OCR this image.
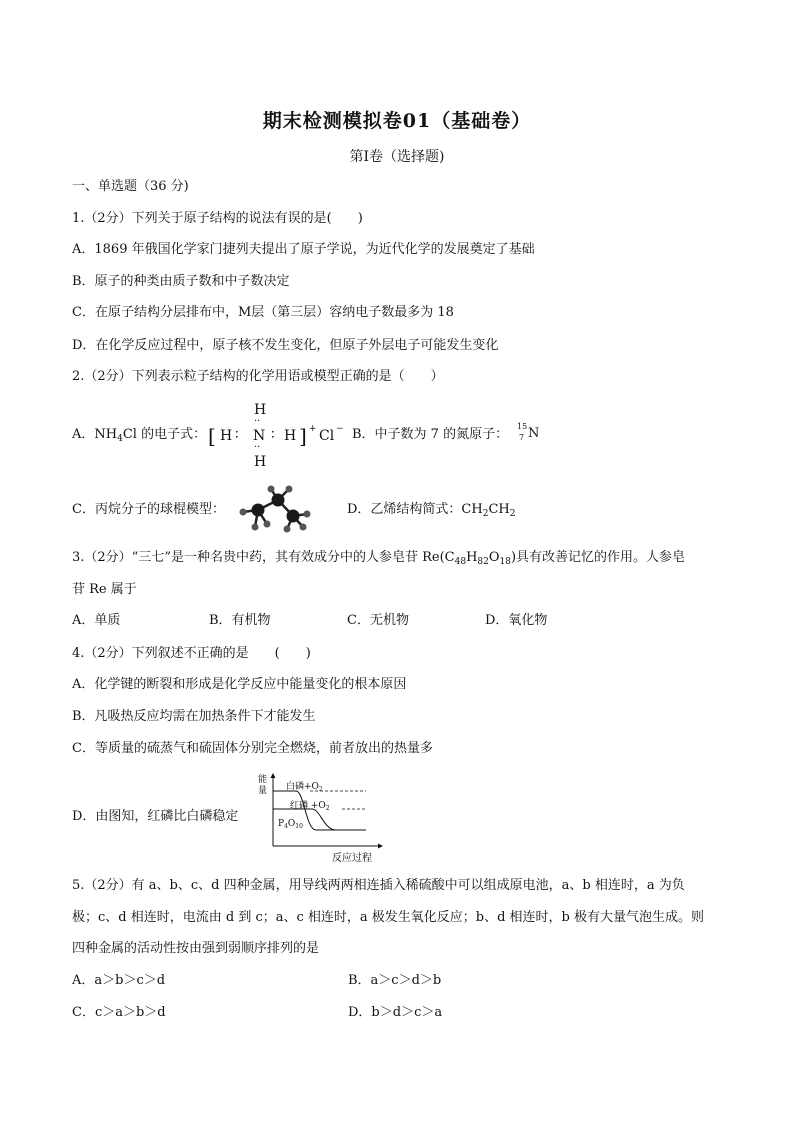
期末检测模拟卷01（基础卷）
第I卷（选择题)
一、单选题（36 分)
1.（2分）下列关于原子结构的说法有误的是(　　)
A．1869 年俄国化学家门捷列夫提出了原子学说，为近代化学的发展奠定了基础
B．原子的种类由质子数和中子数决定
C．在原子结构分层排布中，M层（第三层）容纳电子数最多为 18
D．在化学反应过程中，原子核不发生变化，但原子外层电子可能发生变化
2.（2分）下列表示粒子结构的化学用语或模型正确的是（　　）
A．$NH_4Cl$ 的电子式： [ H ∶
H
··
N
··
H
∶ H ] + Cl − B．中子数为 7 的氮原子：
15
7 N
C．丙烷分子的球棍模型：	D．乙烯结构简式：$CH_2CH_2$
3.（2分）“三七”是一种名贵中药，其有效成分中的人参皂苷 $Re(C_{48}H_{82}O_{18})$具有改善记忆的作用。人参皂
苷 Re 属于
A．单质	B．有机物	C．无机物	D．氧化物
4.（2分）下列叙述不正确的是　　(　　)
A．化学键的断裂和形成是化学反应中能量变化的根本原因
B．凡吸热反应均需在加热条件下才能发生
C．等质量的硫蒸气和硫固体分别完全燃烧，前者放出的热量多
D．由图知，红磷比白磷稳定
能
量 白磷$+O_2$
红磷 $+O_2$
$P_4O_{10}$
反应过程
5.（2分）有 a、b、c、d 四种金属，用导线两两相连插入稀硫酸中可以组成原电池，a、b 相连时，a 为负
极；c、d 相连时，电流由 d 到 c；a、c 相连时，a 极发生氧化反应；b、d 相连时，b 极有大量气泡生成。则
四种金属的活动性按由强到弱顺序排列的是
A．a＞b＞c＞d	B．a＞c＞d＞b
C．c＞a＞b＞d	D．b＞d＞c＞a
